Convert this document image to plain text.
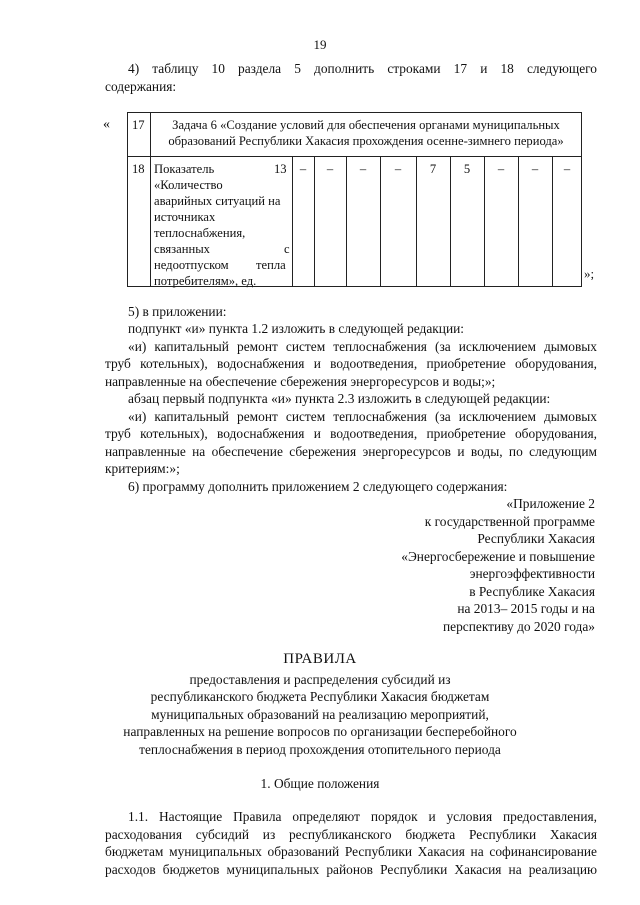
19
4) таблицу 10 раздела 5 дополнить строками 17 и 18 следующего
содержания:
« 17	Задача 6 «Создание условий для обеспечения органами муниципальных
образований Республики Хакасия прохождения осенне-зимнего периода»
18 Показатель	13
«Количество
аварийных ситуаций на
источниках
теплоснабжения,
связанных	с
недоотпуском тепла
потребителям», ед.
–	–	–	–	7	5	–	–	–
»;
5) в приложении:
подпункт «и» пункта 1.2 изложить в следующей редакции:
«и) капитальный ремонт систем теплоснабжения (за исключением дымовых
труб котельных), водоснабжения и водоотведения, приобретение оборудования,
направленные на обеспечение сбережения энергоресурсов и воды;»;
абзац первый подпункта «и» пункта 2.3 изложить в следующей редакции:
«и) капитальный ремонт систем теплоснабжения (за исключением дымовых
труб котельных), водоснабжения и водоотведения, приобретение оборудования,
направленные на обеспечение сбережения энергоресурсов и воды, по следующим
критериям:»;
6) программу дополнить приложением 2 следующего содержания:
«Приложение 2
к государственной программе
Республики Хакасия
«Энергосбережение и повышение
энергоэффективности
в Республике Хакасия
на 2013– 2015 годы и на
перспективу до 2020 года»
ПРАВИЛА
предоставления и распределения субсидий из
республиканского бюджета Республики Хакасия бюджетам
муниципальных образований на реализацию мероприятий,
направленных на решение вопросов по организации бесперебойного
теплоснабжения в период прохождения отопительного периода
1. Общие положения
1.1. Настоящие Правила определяют порядок и условия предоставления,
расходования субсидий из республиканского бюджета Республики Хакасия
бюджетам муниципальных образований Республики Хакасия на софинансирование
расходов бюджетов муниципальных районов Республики Хакасия на реализацию
